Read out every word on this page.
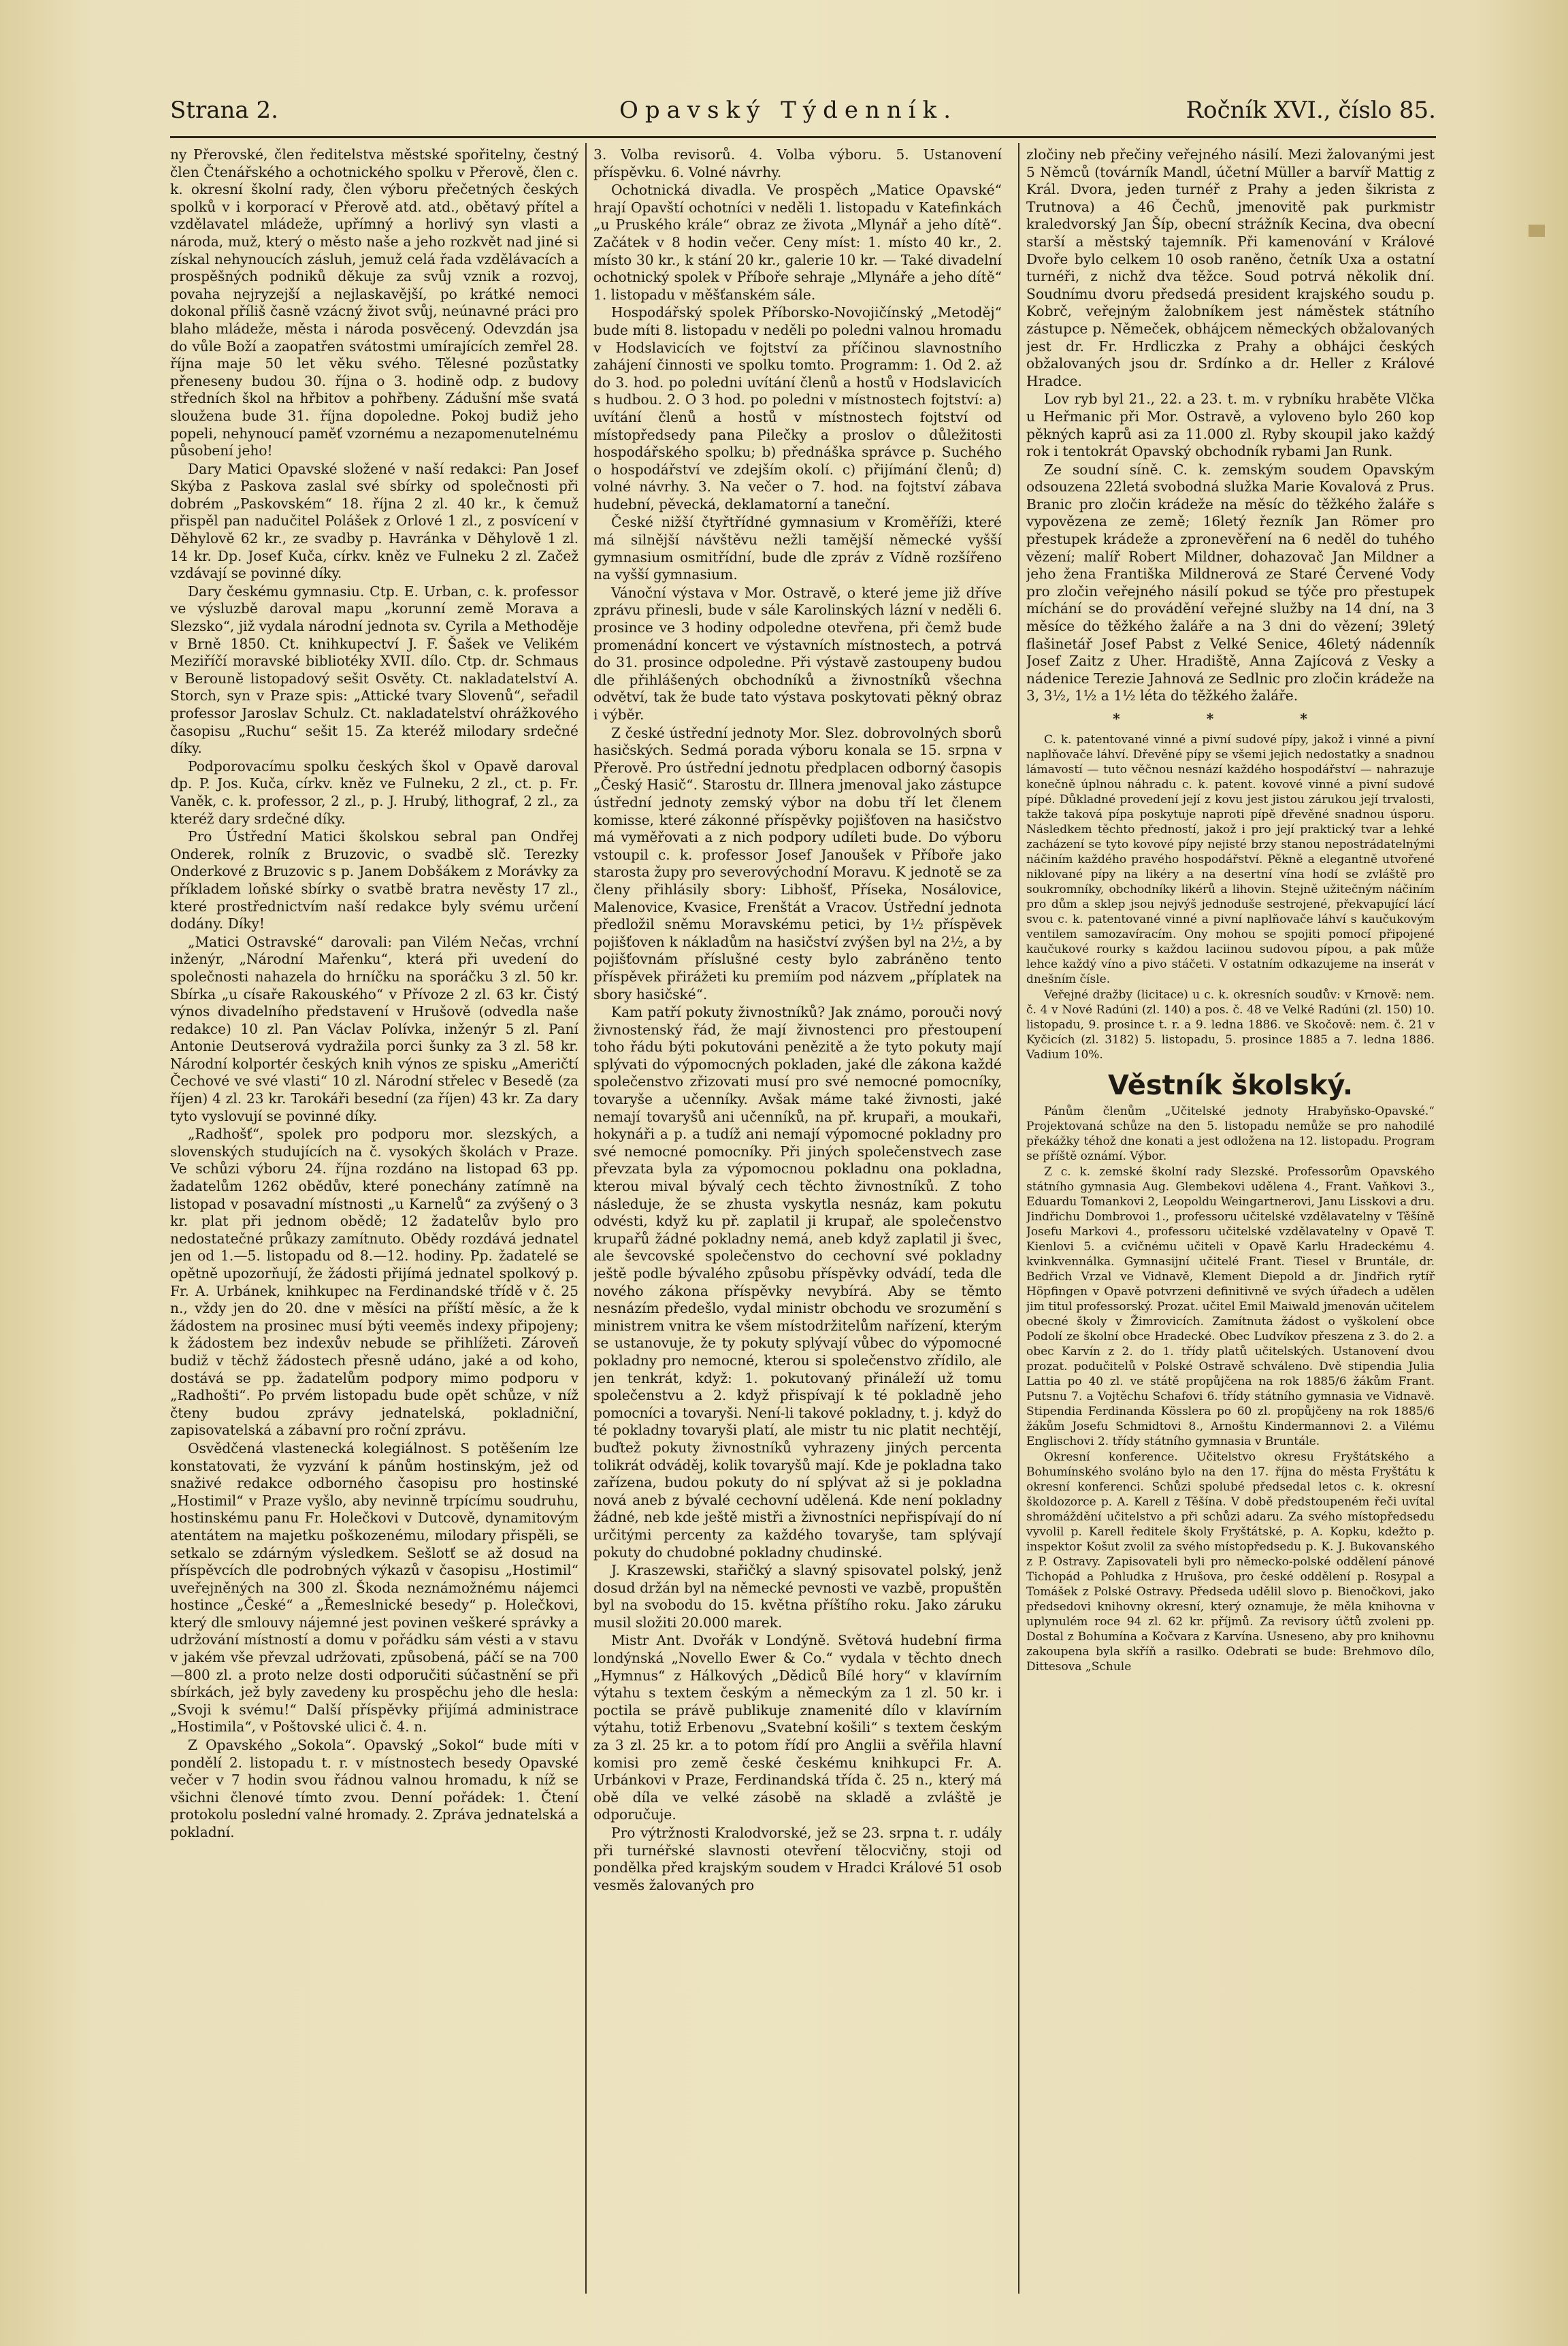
Strana 2.	Opavský Týdenník.	Ročník XVI., číslo 85.

ny Přerovské, člen ředitelstva městské spořitelny, čestný člen Čtenářského a ochotnického spolku v Přerově, člen c. k. okresní školní rady, člen výboru přečetných českých spolků v i korporací v Přerově atd. atd., obětavý přítel a vzdělavatel mládeže, upřímný a horlivý syn vlasti a národa, muž, který o město naše a jeho rozkvět nad jiné si získal nehynoucích zásluh, jemuž celá řada vzdělávacích a prospěšných podniků děkuje za svůj vznik a rozvoj, povaha nejryzejší a nejlaskavější, po krátké nemoci dokonal příliš časně vzácný život svůj, neúnavné práci pro blaho mládeže, města i národa posvěcený. Odevzdán jsa do vůle Boží a zaopatřen svátostmi umírajících zemřel 28. října maje 50 let věku svého. Tělesné pozůstatky přeneseny budou 30. října o 3. hodině odp. z budovy středních škol na hřbitov a pohřbeny. Zádušní mše svatá sloužena bude 31. října dopoledne. Pokoj budiž jeho popeli, nehynoucí paměť vzornému a nezapomenutelnému působení jeho!

Dary Matici Opavské složené v naší redakci: Pan Josef Skýba z Paskova zaslal své sbírky od společnosti při dobrém „Paskovském“ 18. října 2 zl. 40 kr., k čemuž přispěl pan nadučitel Polášek z Orlové 1 zl., z posvícení v Děhylově 62 kr., ze svadby p. Havránka v Děhylově 1 zl. 14 kr. Dp. Josef Kuča, církv. kněz ve Fulneku 2 zl. Začež vzdávají se povinné díky.

Dary českému gymnasiu. Ctp. E. Urban, c. k. professor ve výsluzbě daroval mapu „korunní země Morava a Slezsko“, již vydala národní jednota sv. Cyrila a Methoděje v Brně 1850. Ct. knihkupectví J. F. Šašek ve Velikém Meziříčí moravské bibliotéky XVII. dílo. Ctp. dr. Schmaus v Berouně listopadový sešit Osvěty. Ct. nakladatelství A. Storch, syn v Praze spis: „Attické tvary Slovenů“, seřadil professor Jaroslav Schulz. Ct. nakladatelství ohrážkového časopisu „Ruchu“ sešit 15. Za kteréž milodary srdečné díky.

Podporovacímu spolku českých škol v Opavě daroval dp. P. Jos. Kuča, církv. kněz ve Fulneku, 2 zl., ct. p. Fr. Vaněk, c. k. professor, 2 zl., p. J. Hrubý, lithograf, 2 zl., za kteréž dary srdečné díky.

Pro Ústřední Matici školskou sebral pan Ondřej Onderek, rolník z Bruzovic, o svadbě slč. Terezky Onderkové z Bruzovic s p. Janem Dobšákem z Morávky za příkladem loňské sbírky o svatbě bratra nevěsty 17 zl., které prostřednictvím naší redakce byly svému určení dodány. Díky!

„Matici Ostravské“ darovali: pan Vilém Nečas, vrchní inženýr, „Národní Mařenku“, která při uvedení do společnosti nahazela do hrníčku na sporáčku 3 zl. 50 kr. Sbírka „u císaře Rakouského“ v Přívoze 2 zl. 63 kr. Čistý výnos divadelního představení v Hrušově (odvedla naše redakce) 10 zl. Pan Václav Polívka, inženýr 5 zl. Paní Antonie Deutserová vydražila porci šunky za 3 zl. 58 kr. Národní kolportér českých knih výnos ze spisku „Američtí Čechové ve své vlasti“ 10 zl. Národní střelec v Besedě (za říjen) 4 zl. 23 kr. Tarokáři besední (za říjen) 43 kr. Za dary tyto vyslovují se povinné díky.

„Radhošť“, spolek pro podporu mor. slezských, a slovenských studujících na č. vysokých školách v Praze. Ve schůzi výboru 24. října rozdáno na listopad 63 pp. žadatelům 1262 obědův, které ponechány zatímně na listopad v posavadní místnosti „u Karnelů“ za zvýšený o 3 kr. plat při jednom obědě; 12 žadatelův bylo pro nedostatečné průkazy zamítnuto. Obědy rozdává jednatel jen od 1.—5. listopadu od 8.—12. hodiny. Pp. žadatelé se opětně upozorňují, že žádosti přijímá jednatel spolkový p. Fr. A. Urbánek, knihkupec na Ferdinandské třídě v č. 25 n., vždy jen do 20. dne v měsíci na příští měsíc, a že k žádostem na prosinec musí býti veeměs indexy připojeny; k žádostem bez indexův nebude se přihlížeti. Zároveň budiž v těchž žádostech přesně udáno, jaké a od koho, dostává se pp. žadatelům podpory mimo podporu v „Radhošti“. Po prvém listopadu bude opět schůze, v níž čteny budou zprávy jednatelská, pokladniční, zapisovatelská a zábavní pro roční zprávu.

Osvědčená vlastenecká kolegiálnost. S potěšením lze konstatovati, že vyzvání k pánům hostinským, jež od snaživé redakce odborného časopisu pro hostinské „Hostimil“ v Praze vyšlo, aby nevinně trpícímu soudruhu, hostinskému panu Fr. Holečkovi v Dutcově, dynamitovým atentátem na majetku poškozenému, milodary přispěli, se setkalo se zdárným výsledkem. Sešlotť se až dosud na příspěvcích dle podrobných výkazů v časopisu „Hostimil“ uveřejněných na 300 zl. Škoda neznámožnému nájemci hostince „České“ a „Řemeslnické besedy“ p. Holečkovi, který dle smlouvy nájemné jest povinen veškeré správky a udržování místností a domu v pořádku sám vésti a v stavu v jakém vše převzal udržovati, způsobená, páčí se na 700—800 zl. a proto nelze dosti odporučiti súčastnění se při sbírkách, jež byly zavedeny ku prospěchu jeho dle hesla: „Svoji k svému!“ Další příspěvky přijímá administrace „Hostimila“, v Poštovské ulici č. 4. n.

Z Opavského „Sokola“. Opavský „Sokol“ bude míti v pondělí 2. listopadu t. r. v místnostech besedy Opavské večer v 7 hodin svou řádnou valnou hromadu, k níž se všichni členové tímto zvou. Denní pořádek: 1. Čtení protokolu poslední valné hromady. 2. Zpráva jednatelská a pokladní.

3. Volba revisorů. 4. Volba výboru. 5. Ustanovení příspěvku. 6. Volné návrhy.

Ochotnická divadla. Ve prospěch „Matice Opavské“ hrají Opavští ochotníci v neděli 1. listopadu v Katefinkách „u Pruského krále“ obraz ze života „Mlynář a jeho dítě“. Začátek v 8 hodin večer. Ceny míst: 1. místo 40 kr., 2. místo 30 kr., k stání 20 kr., galerie 10 kr. — Také divadelní ochotnický spolek v Příboře sehraje „Mlynáře a jeho dítě“ 1. listopadu v měšťanském sále.

Hospodářský spolek Příborsko-Novojičínský „Metoděj“ bude míti 8. listopadu v neděli po poledni valnou hromadu v Hodslavicích ve fojtství za příčinou slavnostního zahájení činnosti ve spolku tomto. Programm: 1. Od 2. až do 3. hod. po poledni uvítání členů a hostů v Hodslavicích s hudbou. 2. O 3 hod. po poledni v místnostech fojtství: a) uvítání členů a hostů v místnostech fojtství od místopředsedy pana Pilečky a proslov o důležitosti hospodářského spolku; b) přednáška správce p. Suchého o hospodářství ve zdejším okolí. c) přijímání členů; d) volné návrhy. 3. Na večer o 7. hod. na fojtství zábava hudební, pěvecká, deklamatorní a taneční.

České nižší čtyřtřídné gymnasium v Kroměříži, které má silnější návštěvu nežli tamější německé vyšší gymnasium osmitřídní, bude dle zpráv z Vídně rozšířeno na vyšší gymnasium.

Vánoční výstava v Mor. Ostravě, o které jeme již dříve zprávu přinesli, bude v sále Karolinských lázní v neděli 6. prosince ve 3 hodiny odpoledne otevřena, při čemž bude promenádní koncert ve výstavních místnostech, a potrvá do 31. prosince odpoledne. Při výstavě zastoupeny budou dle přihlášených obchodníků a živnostníků všechna odvětví, tak že bude tato výstava poskytovati pěkný obraz i výběr.

Z české ústřední jednoty Mor. Slez. dobrovolných sborů hasičských. Sedmá porada výboru konala se 15. srpna v Přerově. Pro ústřední jednotu předplacen odborný časopis „Český Hasič“. Starostu dr. Illnera jmenoval jako zástupce ústřední jednoty zemský výbor na dobu tří let členem komisse, které zákonné příspěvky pojišťoven na hasičstvo má vyměřovati a z nich podpory udíleti bude. Do výboru vstoupil c. k. professor Josef Janoušek v Příboře jako starosta župy pro severovýchodní Moravu. K jednotě se za členy přihlásily sbory: Libhošť, Příseka, Nosálovice, Malenovice, Kvasice, Frenštát a Vracov. Ústřední jednota předložil sněmu Moravskému petici, by 1½ příspěvek pojišťoven k nákladům na hasičství zvýšen byl na 2½, a by pojišťovnám příslušné cesty bylo zabráněno tento příspěvek přirážeti ku premiím pod názvem „příplatek na sbory hasičské“.

Kam patří pokuty živnostníků? Jak známo, porouči nový živnostenský řád, že mají živnostenci pro přestoupení toho řádu býti pokutováni penězitě a že tyto pokuty mají splývati do výpomocných pokladen, jaké dle zákona každé společenstvo zřizovati musí pro své nemocné pomocníky, tovaryše a učenníky. Avšak máme také živnosti, jaké nemají tovaryšů ani učenníků, na př. krupaři, a moukaři, hokynáři a p. a tudíž ani nemají výpomocné pokladny pro své nemocné pomocníky. Při jiných společenstvech zase převzata byla za výpomocnou pokladnu ona pokladna, kterou mival bývalý cech těchto živnostníků. Z toho následuje, že se zhusta vyskytla nesnáz, kam pokutu odvésti, když ku př. zaplatil ji krupař, ale společenstvo krupařů žádné pokladny nemá, aneb když zaplatil ji švec, ale ševcovské společenstvo do cechovní své pokladny ještě podle bývalého způsobu příspěvky odvádí, teda dle nového zákona příspěvky nevybírá. Aby se těmto nesnázím předešlo, vydal ministr obchodu ve srozumění s ministrem vnitra ke všem místodržitelům nařízení, kterým se ustanovuje, že ty pokuty splývají vůbec do výpomocné pokladny pro nemocné, kterou si společenstvo zřídilo, ale jen tenkrát, když: 1. pokutovaný přináleží už tomu společenstvu a 2. když přispívají k té pokladně jeho pomocníci a tovaryši. Není-li takové pokladny, t. j. když do té pokladny tovaryši platí, ale mistr tu nic platit nechtějí, buďtež pokuty živnostníků vyhrazeny jiných percenta tolikrát odváděj, kolik tovaryšů mají. Kde je pokladna tako zařízena, budou pokuty do ní splývat až si je pokladna nová aneb z bývalé cechovní udělená. Kde není pokladny žádné, neb kde ještě mistři a živnostníci nepřispívají do ní určitými percenty za každého tovaryše, tam splývají pokuty do chudobné pokladny chudinské.

J. Kraszewski, stařičký a slavný spisovatel polský, jenž dosud držán byl na německé pevnosti ve vazbě, propuštěn byl na svobodu do 15. května příštího roku. Jako záruku musil složiti 20.000 marek.

Mistr Ant. Dvořák v Londýně. Světová hudební firma londýnská „Novello Ewer & Co.“ vydala v těchto dnech „Hymnus“ z Hálkových „Dědiců Bílé hory“ v klavírním výtahu s textem českým a německým za 1 zl. 50 kr. i poctila se právě publikuje znamenité dílo v klavírním výtahu, totiž Erbenovu „Svatební košili“ s textem českým za 3 zl. 25 kr. a to potom řídí pro Anglii a svěřila hlavní komisi pro země české českému knihkupci Fr. A. Urbánkovi v Praze, Ferdinandská třída č. 25 n., který má obě díla ve velké zásobě na skladě a zvláště je odporučuje.

Pro výtržnosti Kralodvorské, jež se 23. srpna t. r. udály při turnéřské slavnosti otevření tělocvičny, stoji od pondělka před krajským soudem v Hradci Králové 51 osob vesměs žalovaných pro

zločiny neb přečiny veřejného násilí. Mezi žalovanými jest 5 Němců (továrník Mandl, účetní Müller a barvíř Mattig z Král. Dvora, jeden turnéř z Prahy a jeden šikrista z Trutnova) a 46 Čechů, jmenovitě pak purkmistr kraledvorský Jan Šíp, obecní strážník Kecina, dva obecní starší a městský tajemník. Při kamenování v Králové Dvoře bylo celkem 10 osob raněno, četník Uxa a ostatní turnéři, z nichž dva těžce. Soud potrvá několik dní. Soudnímu dvoru předsedá president krajského soudu p. Kobrč, veřejným žalobníkem jest náměstek státního zástupce p. Němeček, obhájcem německých obžalovaných jest dr. Fr. Hrdliczka z Prahy a obhájci českých obžalovaných jsou dr. Srdínko a dr. Heller z Králové Hradce.

Lov ryb byl 21., 22. a 23. t. m. v rybníku hraběte Vlčka u Heřmanic při Mor. Ostravě, a vyloveno bylo 260 kop pěkných kaprů asi za 11.000 zl. Ryby skoupil jako každý rok i tentokrát Opavský obchodník rybami Jan Runk.

Ze soudní síně. C. k. zemským soudem Opavským odsouzena 22letá svobodná služka Marie Kovalová z Prus. Branic pro zločin krádeže na měsíc do těžkého žaláře s vypovězena ze země; 16letý řezník Jan Römer pro přestupek krádeže a zpronevěření na 6 neděl do tuhého vězení; malíř Robert Mildner, dohazovač Jan Mildner a jeho žena Františka Mildnerová ze Staré Červené Vody pro zločin veřejného násilí pokud se týče pro přestupek míchání se do provádění veřejné služby na 14 dní, na 3 měsíce do těžkého žaláře a na 3 dni do vězení; 39letý flašinetář Josef Pabst z Velké Senice, 46letý nádenník Josef Zaitz z Uher. Hradiště, Anna Zajícová z Vesky a nádenice Terezie Jahnová ze Sedlnic pro zločin krádeže na 3, 3½, 1½ a 1½ léta do těžkého žaláře.

* * *

C. k. patentované vinné a pivní sudové pípy, jakož i vinné a pivní naplňovače láhví. Dřevěné pípy se všemi jejich nedostatky a snadnou lámavostí — tuto věčnou nesnází každého hospodářství — nahrazuje konečně úplnou náhradu c. k. patent. kovové vinné a pivní sudové pípé. Důkladné provedení její z kovu jest jistou zárukou její trvalosti, takže taková pípa poskytuje naproti pípě dřevěné snadnou úsporu. Následkem těchto předností, jakož i pro její praktický tvar a lehké zacházení se tyto kovové pípy nejisté brzy stanou nepostrádatelnými náčiním každého pravého hospodářství. Pěkně a elegantně utvořené niklované pípy na likéry a na desertní vína hodí se zvláště pro soukromníky, obchodníky likérů a lihovin. Stejně užitečným náčiním pro dům a sklep jsou nejvýš jednoduše sestrojené, překvapující lácí svou c. k. patentované vinné a pivní naplňovače láhví s kaučukovým ventilem samozavíracím. Ony mohou se spojiti pomocí připojené kaučukové rourky s každou laciinou sudovou pípou, a pak může lehce každý víno a pivo stáčeti. V ostatním odkazujeme na inserát v dnešním čísle.

Veřejné dražby (licitace) u c. k. okresních soudův: v Krnově: nem. č. 4 v Nové Radúni (zl. 140) a pos. č. 48 ve Velké Radúni (zl. 150) 10. listopadu, 9. prosince t. r. a 9. ledna 1886. ve Skočově: nem. č. 21 v Kyčicích (zl. 3182) 5. listopadu, 5. prosince 1885 a 7. ledna 1886. Vadium 10%.

Věstník školský.

Pánům členům „Učitelské jednoty Hrabyňsko-Opavské.“ Projektovaná schůze na den 5. listopadu nemůže se pro nahodilé překážky téhož dne konati a jest odložena na 12. listopadu. Program se příště oznámí. Výbor.

Z c. k. zemské školní rady Slezské. Professorům Opavského státního gymnasia Aug. Glembekovi udělena 4., Frant. Vaňkovi 3., Eduardu Tomankovi 2, Leopoldu Weingartnerovi, Janu Lisskovi a dru. Jindřichu Dombrovoi 1., professoru učitelské vzdělavatelny v Těšíně Josefu Markovi 4., professoru učitelské vzdělavatelny v Opavě T. Kienlovi 5. a cvičnému učiteli v Opavě Karlu Hradeckému 4. kvinkvennálka. Gymnasijní učitelé Frant. Tiesel v Bruntále, dr. Bedřich Vrzal ve Vidnavě, Klement Diepold a dr. Jindřich rytíř Höpfingen v Opavě potvrzeni definitivně ve svých úřadech a udělen jim titul professorský. Prozat. učitel Emil Maiwald jmenován učitelem obecné školy v Žimrovicích. Zamítnuta žádost o vyškolení obce Podolí ze školní obce Hradecké. Obec Ludvíkov přeszena z 3. do 2. a obec Karvín z 2. do 1. třídy platů učitelských. Ustanovení dvou prozat. podučitelů v Polské Ostravě schváleno. Dvě stipendia Julia Lattia po 40 zl. ve státě propůjčena na rok 1885/6 žákům Frant. Putsnu 7. a Vojtěchu Schafovi 6. třídy státního gymnasia ve Vidnavě. Stipendia Ferdinanda Kösslera po 60 zl. propůjčeny na rok 1885/6 žákům Josefu Schmidtovi 8., Arnoštu Kindermannovi 2. a Vilému Englischovi 2. třídy státního gymnasia v Bruntále.

Okresní konference. Učitelstvo okresu Fryštátského a Bohumínského svoláno bylo na den 17. října do města Fryštátu k okresní konferenci. Schůzi spolubé předsedal letos c. k. okresní školdozorce p. A. Karell z Těšína. V době předstoupeném řeči uvítal shromáždění učitelstvo a při schůzi adaru. Za svého místopředsedu vyvolil p. Karell ředitele školy Fryštátské, p. A. Kopku, kdežto p. inspektor Košut zvolil za svého místopředsedu p. K. J. Bukovanského z P. Ostravy. Zapisovateli byli pro německo-polské oddělení pánové Tichopád a Pohludka z Hrušova, pro české oddělení p. Rosypal a Tomášek z Polské Ostravy. Předseda udělil slovo p. Bienočkovi, jako předsedovi knihovny okresní, který oznamuje, že měla knihovna v uplynulém roce 94 zl. 62 kr. příjmů. Za revisory účtů zvoleni pp. Dostal z Bohumína a Kočvara z Karvína. Usneseno, aby pro knihovnu zakoupena byla skříň a rasilko. Odebrati se bude: Brehmovo dílo, Dittesova „Schule
